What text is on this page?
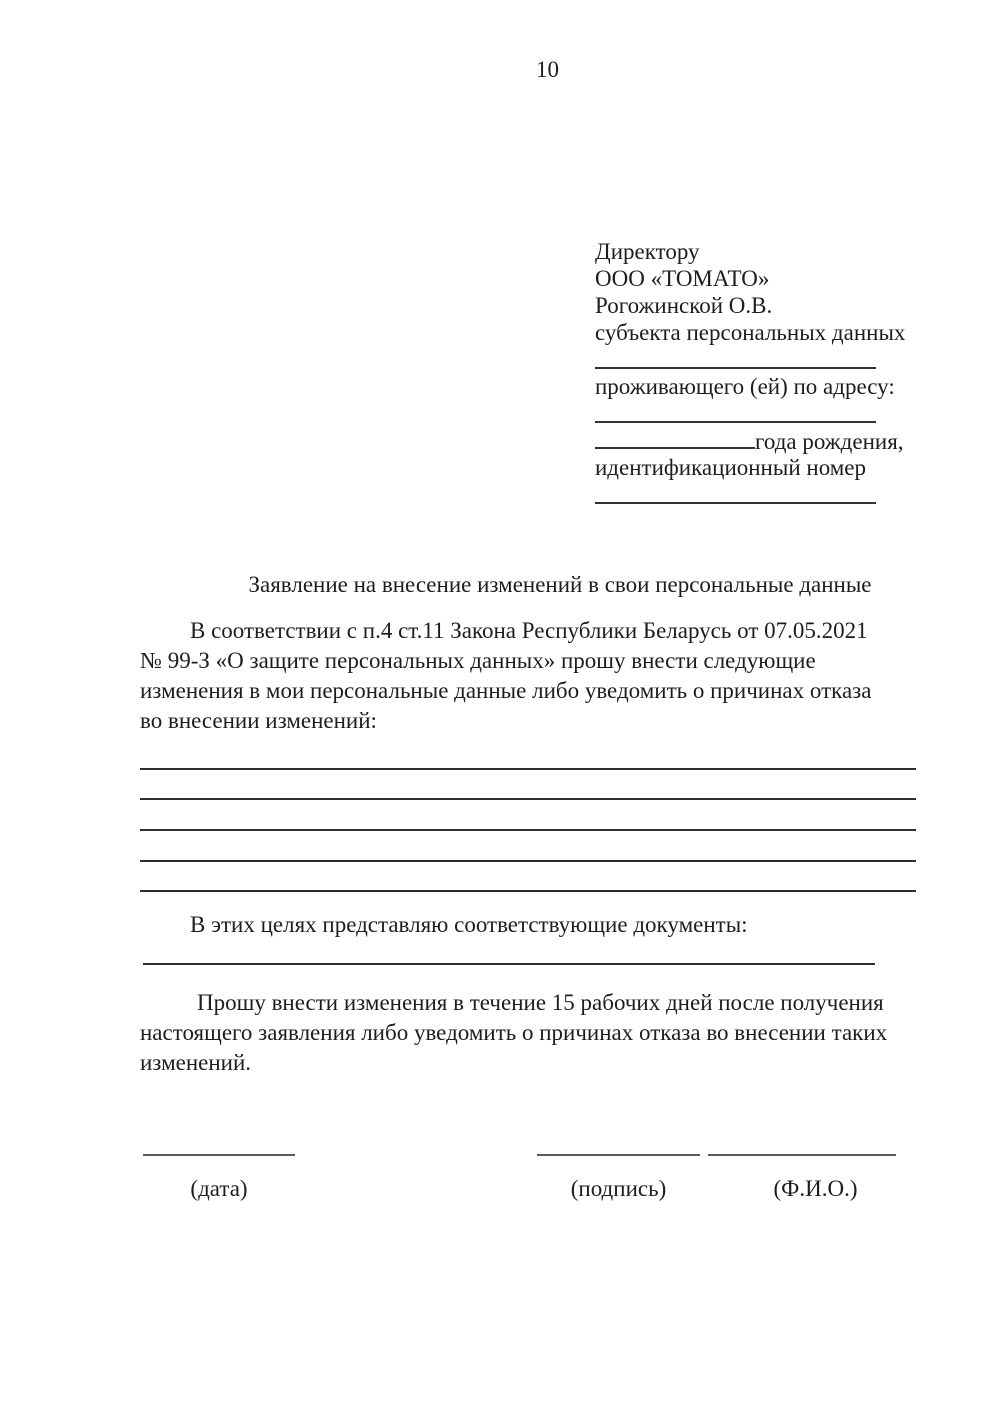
10
Директору
ООО «ТОМАТО»
Рогожинской О.В.
субъекта персональных данных
проживающего (ей) по адресу:
года рождения,
идентификационный номер
Заявление на внесение изменений в свои персональные данные
В соответствии с п.4 ст.11 Закона Республики Беларусь от 07.05.2021
№ 99-З «О защите персональных данных» прошу внести следующие
изменения в мои персональные данные либо уведомить о причинах отказа
во внесении изменений:
В этих целях представляю соответствующие документы:
Прошу внести изменения в течение 15 рабочих дней после получения
настоящего заявления либо уведомить о причинах отказа во внесении таких
изменений.
(дата)	(подпись)	(Ф.И.О.)
